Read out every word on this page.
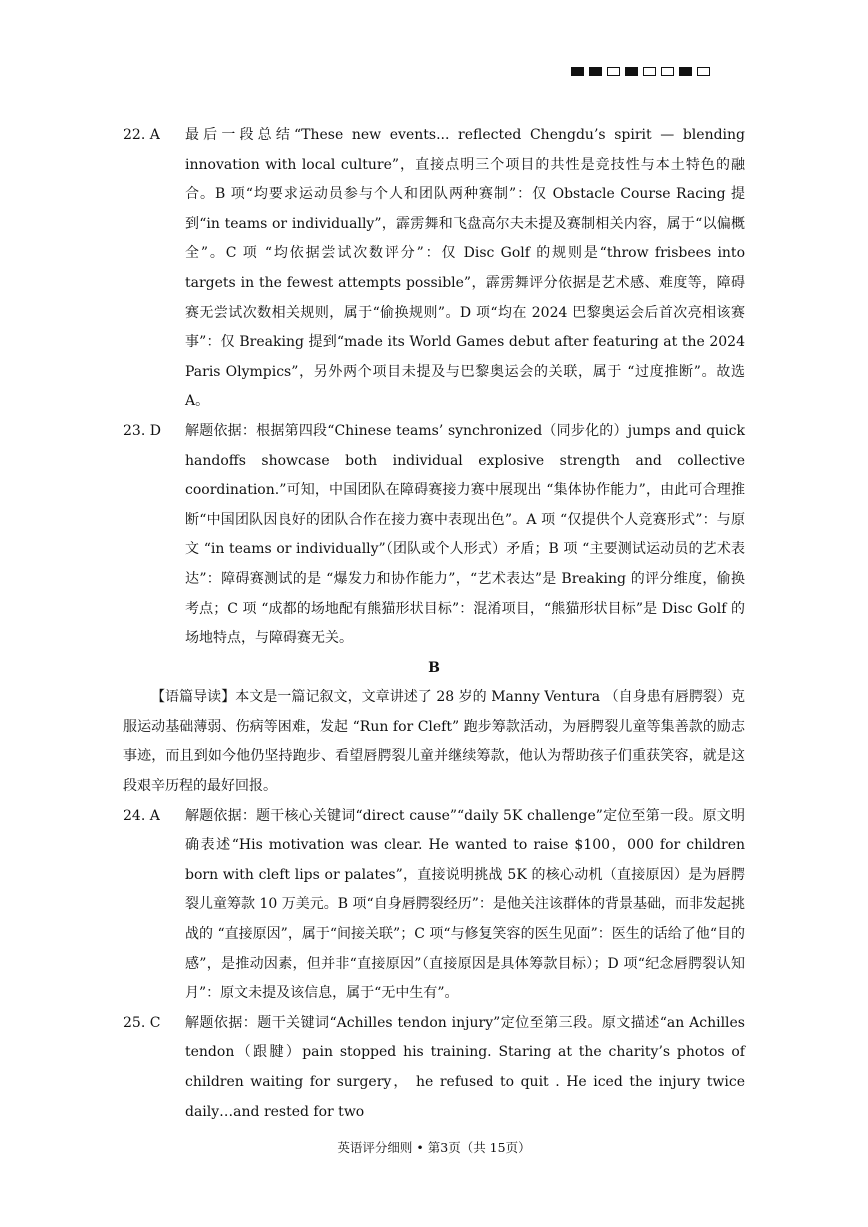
22. A	最后一段总结“These new events... reflected Chengdu’s spirit — blending innovation with local culture”，直接点明三个项目的共性是竞技性与本土特色的融合。B 项“均要求运动员参与个人和团队两种赛制”：仅 Obstacle Course Racing 提到“in teams or individually”，霹雳舞和飞盘高尔夫未提及赛制相关内容，属于“以偏概全”。C 项 “均依据尝试次数评分”：仅 Disc Golf 的规则是“throw frisbees into targets in the fewest attempts possible”，霹雳舞评分依据是艺术感、难度等，障碍赛无尝试次数相关规则，属于“偷换规则”。D 项“均在 2024 巴黎奥运会后首次亮相该赛事”：仅 Breaking 提到“made its World Games debut after featuring at the 2024 Paris Olympics”，另外两个项目未提及与巴黎奥运会的关联，属于 “过度推断”。故选 A。
23. D	解题依据：根据第四段“Chinese teams’ synchronized（同步化的）jumps and quick handoffs showcase both individual explosive strength and collective coordination.”可知，中国团队在障碍赛接力赛中展现出 “集体协作能力”，由此可合理推断“中国团队因良好的团队合作在接力赛中表现出色”。A 项 “仅提供个人竞赛形式”：与原文 “in teams or individually”（团队或个人形式）矛盾；B 项 “主要测试运动员的艺术表达”：障碍赛测试的是 “爆发力和协作能力”，“艺术表达”是 Breaking 的评分维度，偷换考点；C 项 “成都的场地配有熊猫形状目标”：混淆项目，“熊猫形状目标”是 Disc Golf 的场地特点，与障碍赛无关。
B
【语篇导读】本文是一篇记叙文，文章讲述了 28 岁的 Manny Ventura （自身患有唇腭裂）克服运动基础薄弱、伤病等困难，发起 “Run for Cleft” 跑步筹款活动，为唇腭裂儿童等集善款的励志事迹，而且到如今他仍坚持跑步、看望唇腭裂儿童并继续筹款，他认为帮助孩子们重获笑容，就是这段艰辛历程的最好回报。
24. A	解题依据：题干核心关键词“direct cause”“daily 5K challenge”定位至第一段。原文明确表述“His motivation was clear. He wanted to raise $100，000 for children born with cleft lips or palates”，直接说明挑战 5K 的核心动机（直接原因）是为唇腭裂儿童筹款 10 万美元。B 项“自身唇腭裂经历”：是他关注该群体的背景基础，而非发起挑战的 “直接原因”，属于“间接关联”；C 项“与修复笑容的医生见面”：医生的话给了他“目的感”，是推动因素，但并非“直接原因”（直接原因是具体筹款目标）；D 项“纪念唇腭裂认知月”：原文未提及该信息，属于“无中生有”。
25. C	解题依据：题干关键词“Achilles tendon injury”定位至第三段。原文描述“an Achilles tendon（跟腱）pain stopped his training. Staring at the charity’s photos of children waiting for surgery， he refused to quit . He iced the injury twice daily…and rested for two
英语评分细则 • 第3页（共 15页）
